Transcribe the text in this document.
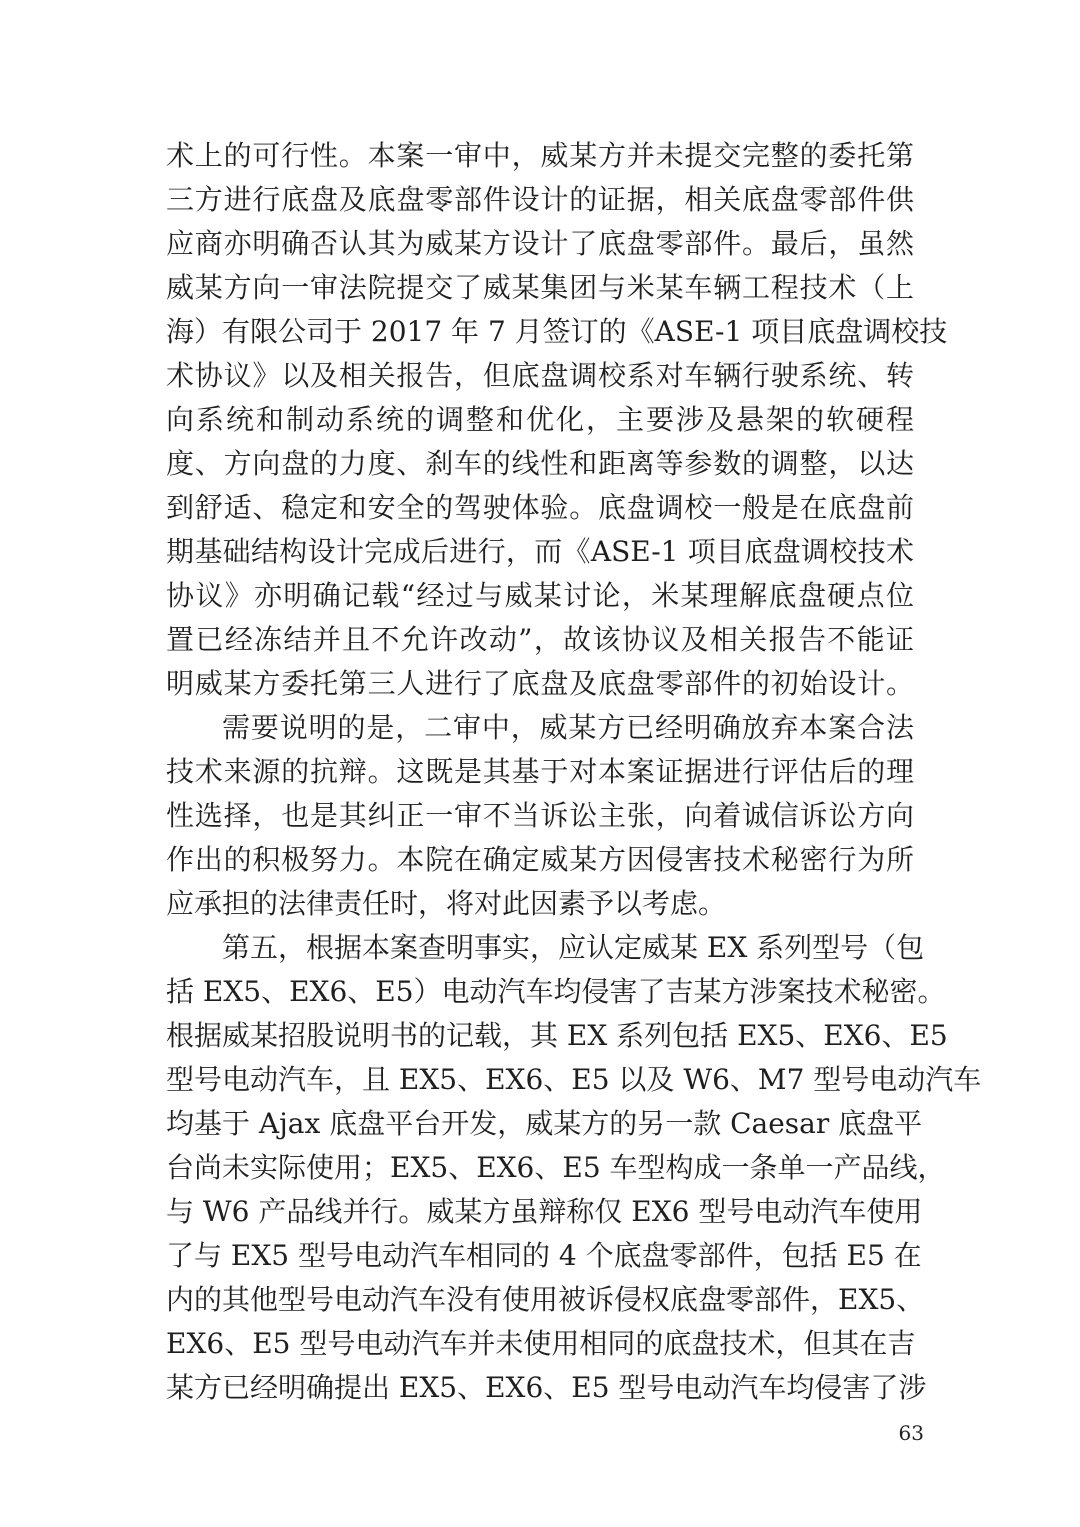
术上的可行性。本案一审中，威某方并未提交完整的委托第
三方进行底盘及底盘零部件设计的证据，相关底盘零部件供
应商亦明确否认其为威某方设计了底盘零部件。最后，虽然
威某方向一审法院提交了威某集团与米某车辆工程技术（上
海）有限公司于 2017 年 7 月签订的《ASE-1 项目底盘调校技
术协议》以及相关报告，但底盘调校系对车辆行驶系统、转
向系统和制动系统的调整和优化，主要涉及悬架的软硬程
度、方向盘的力度、刹车的线性和距离等参数的调整，以达
到舒适、稳定和安全的驾驶体验。底盘调校一般是在底盘前
期基础结构设计完成后进行，而《ASE-1 项目底盘调校技术
协议》亦明确记载“经过与威某讨论，米某理解底盘硬点位
置已经冻结并且不允许改动”，故该协议及相关报告不能证
明威某方委托第三人进行了底盘及底盘零部件的初始设计。
需要说明的是，二审中，威某方已经明确放弃本案合法
技术来源的抗辩。这既是其基于对本案证据进行评估后的理
性选择，也是其纠正一审不当诉讼主张，向着诚信诉讼方向
作出的积极努力。本院在确定威某方因侵害技术秘密行为所
应承担的法律责任时，将对此因素予以考虑。
第五，根据本案查明事实，应认定威某 EX 系列型号（包
括 EX5、EX6、E5）电动汽车均侵害了吉某方涉案技术秘密。
根据威某招股说明书的记载，其 EX 系列包括 EX5、EX6、E5
型号电动汽车，且 EX5、EX6、E5 以及 W6、M7 型号电动汽车
均基于 Ajax 底盘平台开发，威某方的另一款 Caesar 底盘平
台尚未实际使用；EX5、EX6、E5 车型构成一条单一产品线，
与 W6 产品线并行。威某方虽辩称仅 EX6 型号电动汽车使用
了与 EX5 型号电动汽车相同的 4 个底盘零部件，包括 E5 在
内的其他型号电动汽车没有使用被诉侵权底盘零部件，EX5、
EX6、E5 型号电动汽车并未使用相同的底盘技术，但其在吉
某方已经明确提出 EX5、EX6、E5 型号电动汽车均侵害了涉
63
